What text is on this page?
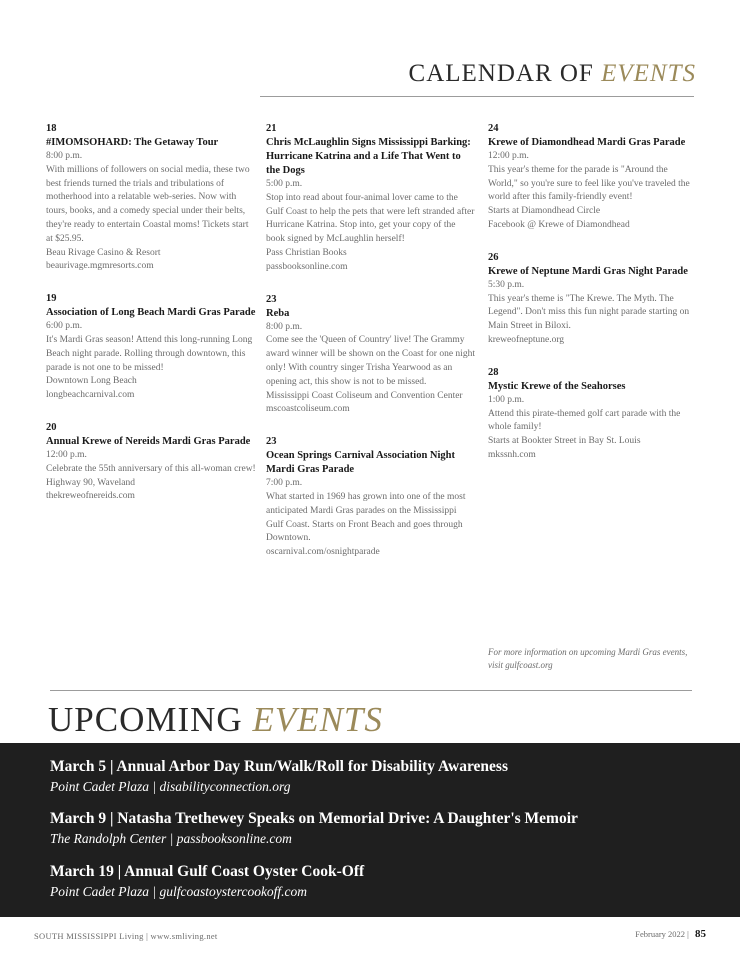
CALENDAR OF EVENTS
18
#IMOMSOHARD: The Getaway Tour
8:00 p.m.
With millions of followers on social media, these two best friends turned the trials and tribulations of motherhood into a relatable web-series. Now with tours, books, and a comedy special under their belts, they're ready to entertain Coastal moms! Tickets start at $25.95.
Beau Rivage Casino & Resort
beaurivage.mgmresorts.com
19
Association of Long Beach Mardi Gras Parade
6:00 p.m.
It's Mardi Gras season! Attend this long-running Long Beach night parade. Rolling through downtown, this parade is not one to be missed!
Downtown Long Beach
longbeachcarnival.com
20
Annual Krewe of Nereids Mardi Gras Parade
12:00 p.m.
Celebrate the 55th anniversary of this all-woman crew!
Highway 90, Waveland
thekreweofnereids.com
21
Chris McLaughlin Signs Mississippi Barking: Hurricane Katrina and a Life That Went to the Dogs
5:00 p.m.
Stop into read about four-animal lover came to the Gulf Coast to help the pets that were left stranded after Hurricane Katrina. Stop into, get your copy of the book signed by McLaughlin herself!
Pass Christian Books
passbooksonline.com
23
Reba
8:00 p.m.
Come see the 'Queen of Country' live! The Grammy award winner will be shown on the Coast for one night only! With country singer Trisha Yearwood as an opening act, this show is not to be missed.
Mississippi Coast Coliseum and Convention Center
mscoastcoliseum.com
23
Ocean Springs Carnival Association Night Mardi Gras Parade
7:00 p.m.
What started in 1969 has grown into one of the most anticipated Mardi Gras parades on the Mississippi Gulf Coast. Starts on Front Beach and goes through Downtown.
oscarnival.com/osnightparade
24
Krewe of Diamondhead Mardi Gras Parade
12:00 p.m.
This year's theme for the parade is "Around the World," so you're sure to feel like you've traveled the world after this family-friendly event!
Starts at Diamondhead Circle
Facebook @ Krewe of Diamondhead
26
Krewe of Neptune Mardi Gras Night Parade
5:30 p.m.
This year's theme is "The Krewe. The Myth. The Legend". Don't miss this fun night parade starting on Main Street in Biloxi.
kreweofneptune.org
28
Mystic Krewe of the Seahorses
1:00 p.m.
Attend this pirate-themed golf cart parade with the whole family!
Starts at Bookter Street in Bay St. Louis
mkssnh.com
For more information on upcoming Mardi Gras events, visit gulfcoast.org
UPCOMING EVENTS
March 5 | Annual Arbor Day Run/Walk/Roll for Disability Awareness
Point Cadet Plaza | disabilityconnection.org
March 9 | Natasha Trethewey Speaks on Memorial Drive: A Daughter's Memoir
The Randolph Center | passbooksonline.com
March 19 | Annual Gulf Coast Oyster Cook-Off
Point Cadet Plaza | gulfcoastoystercookoff.com
SOUTH MISSISSIPPI Living | www.smliving.net	February 2022 | 85
